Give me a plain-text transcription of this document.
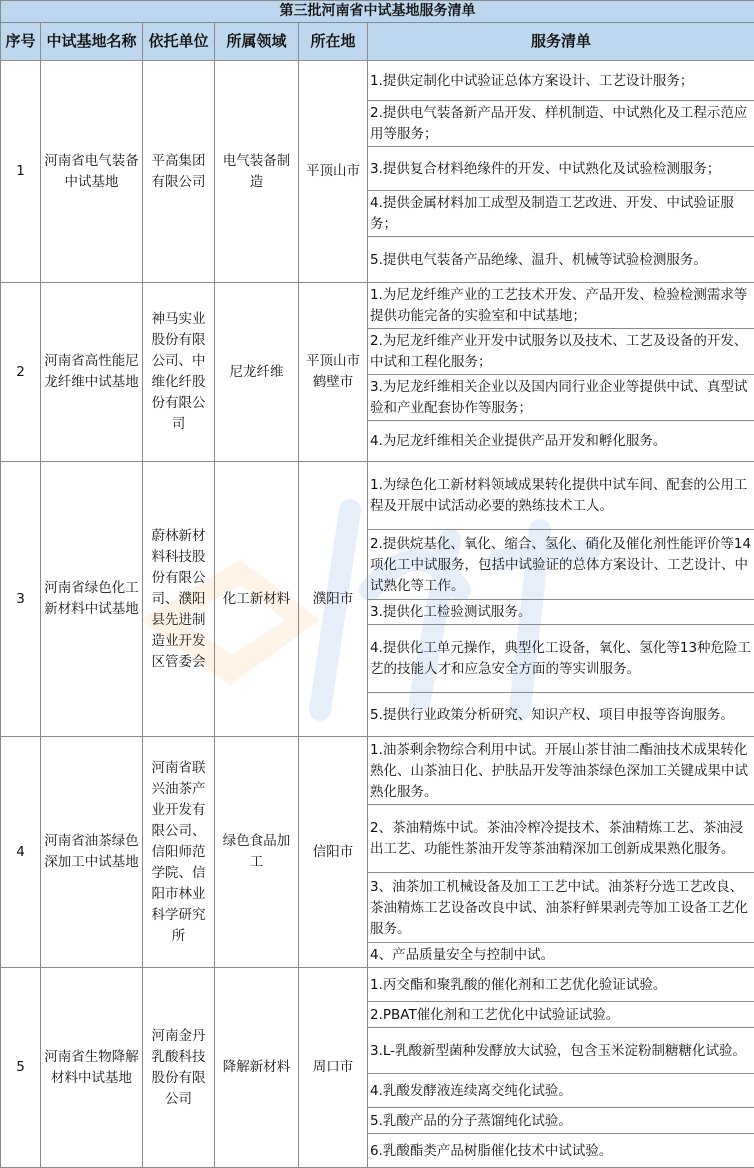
第三批河南省中试基地服务清单					
序号	中试基地名称	依托单位	所属领域	所在地	服务清单
1	河南省电气装备中试基地	平高集团有限公司	电气装备制造	平顶山市	1.提供定制化中试验证总体方案设计、工艺设计服务；
					2.提供电气装备新产品开发、样机制造、中试熟化及工程示范应用等服务；
					3.提供复合材料绝缘件的开发、中试熟化及试验检测服务；
					4.提供金属材料加工成型及制造工艺改进、开发、中试验证服务；
					5.提供电气装备产品绝缘、温升、机械等试验检测服务。
2	河南省高性能尼龙纤维中试基地	神马实业股份有限公司、中维化纤股份有限公司	尼龙纤维	平顶山市鹤壁市	1.为尼龙纤维产业的工艺技术开发、产品开发、检验检测需求等提供功能完备的实验室和中试基地；
					2.为尼龙纤维产业开发中试服务以及技术、工艺及设备的开发、中试和工程化服务；
					3.为尼龙纤维相关企业以及国内同行业企业等提供中试、真型试验和产业配套协作等服务；
					4.为尼龙纤维相关企业提供产品开发和孵化服务。
3	河南省绿色化工新材料中试基地	蔚林新材料科技股份有限公司、濮阳县先进制造业开发区管委会	化工新材料	濮阳市	1.为绿色化工新材料领域成果转化提供中试车间、配套的公用工程及开展中试活动必要的熟练技术工人。
					2.提供烷基化、氧化、缩合、氢化、硝化及催化剂性能评价等14项化工中试服务，包括中试验证的总体方案设计、工艺设计、中试熟化等工作。
					3.提供化工检验测试服务。
					4.提供化工单元操作，典型化工设备，氧化、氢化等13种危险工艺的技能人才和应急安全方面的等实训服务。
					5.提供行业政策分析研究、知识产权、项目申报等咨询服务。
4	河南省油茶绿色深加工中试基地	河南省联兴油茶产业开发有限公司、信阳师范学院、信阳市林业科学研究所	绿色食品加工	信阳市	1.油茶剩余物综合利用中试。开展山茶甘油二酯油技术成果转化熟化、山茶油日化、护肤品开发等油茶绿色深加工关键成果中试熟化服务。
					2、茶油精炼中试。茶油冷榨冷提技术、茶油精炼工艺、茶油浸出工艺、功能性茶油开发等茶油精深加工创新成果熟化服务。
					3、油茶加工机械设备及加工工艺中试。油茶籽分选工艺改良、茶油精炼工艺设备改良中试、油茶籽鲜果剥壳等加工设备工艺化服务。
					4、产品质量安全与控制中试。
5	河南省生物降解材料中试基地	河南金丹乳酸科技股份有限公司	降解新材料	周口市	1.丙交酯和聚乳酸的催化剂和工艺优化验证试验。
					2.PBAT催化剂和工艺优化中试验证试验。
					3.L-乳酸新型菌种发酵放大试验，包含玉米淀粉制糖糖化试验。
					4.乳酸发酵液连续离交纯化试验。
					5.乳酸产品的分子蒸馏纯化试验。
					6.乳酸酯类产品树脂催化技术中试试验。
